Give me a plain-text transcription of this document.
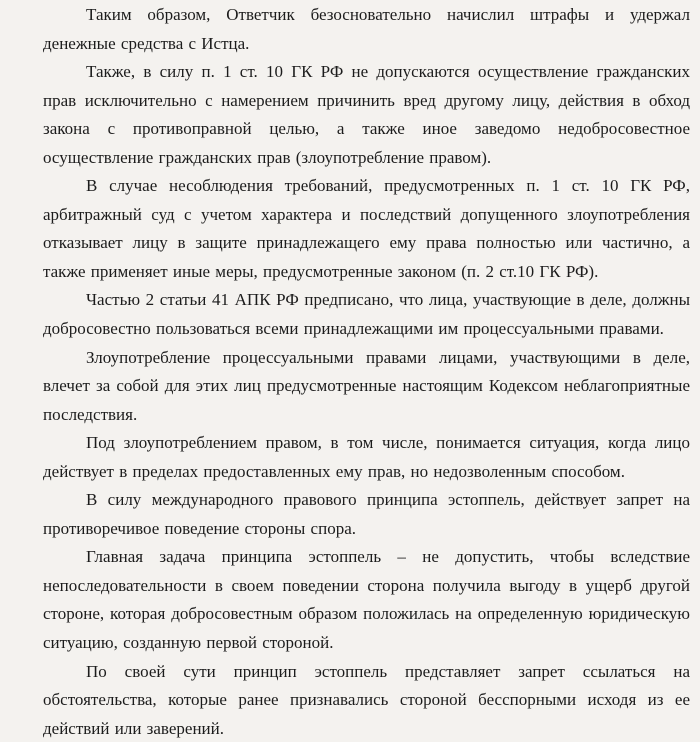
Таким образом, Ответчик безосновательно начислил штрафы и удержал денежные средства с Истца.

Также, в силу п. 1 ст. 10 ГК РФ не допускаются осуществление гражданских прав исключительно с намерением причинить вред другому лицу, действия в обход закона с противоправной целью, а также иное заведомо недобросовестное осуществление гражданских прав (злоупотребление правом).

В случае несоблюдения требований, предусмотренных п. 1 ст. 10 ГК РФ, арбитражный суд с учетом характера и последствий допущенного злоупотребления отказывает лицу в защите принадлежащего ему права полностью или частично, а также применяет иные меры, предусмотренные законом (п. 2 ст.10 ГК РФ).

Частью 2 статьи 41 АПК РФ предписано, что лица, участвующие в деле, должны добросовестно пользоваться всеми принадлежащими им процессуальными правами.

Злоупотребление процессуальными правами лицами, участвующими в деле, влечет за собой для этих лиц предусмотренные настоящим Кодексом неблагоприятные последствия.

Под злоупотреблением правом, в том числе, понимается ситуация, когда лицо действует в пределах предоставленных ему прав, но недозволенным способом.

В силу международного правового принципа эстоппель, действует запрет на противоречивое поведение стороны спора.

Главная задача принципа эстоппель – не допустить, чтобы вследствие непоследовательности в своем поведении сторона получила выгоду в ущерб другой стороне, которая добросовестным образом положилась на определенную юридическую ситуацию, созданную первой стороной.

По своей сути принцип эстоппель представляет запрет ссылаться на обстоятельства, которые ранее признавались стороной бесспорными исходя из ее действий или заверений.
